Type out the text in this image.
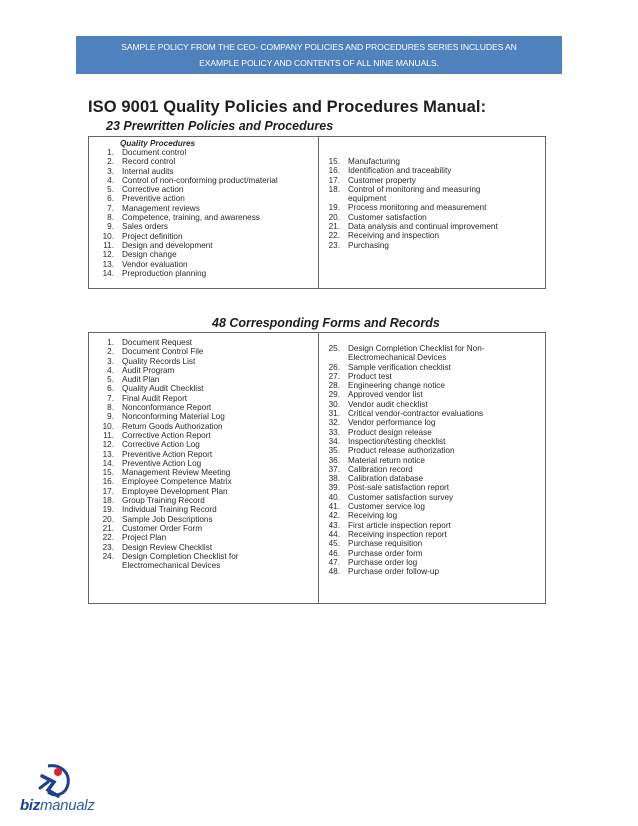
SAMPLE POLICY FROM THE CEO- COMPANY POLICIES AND PROCEDURES SERIES INCLUDES AN
EXAMPLE POLICY AND CONTENTS OF ALL NINE MANUALS.
ISO 9001 Quality Policies and Procedures Manual:
23 Prewritten Policies and Procedures
Quality Procedures
1. Document control
2. Record control
3. Internal audits
4. Control of non-conforming product/material
5. Corrective action
6. Preventive action
7. Management reviews
8. Competence, training, and awareness
9. Sales orders
10. Project definition
11. Design and development
12. Design change
13. Vendor evaluation
14. Preproduction planning
15. Manufacturing
16. Identification and traceability
17. Customer property
18. Control of monitoring and measuring
equipment
19. Process monitoring and measurement
20. Customer satisfaction
21. Data analysis and continual improvement
22. Receiving and inspection
23. Purchasing
48 Corresponding Forms and Records
1. Document Request
2. Document Control File
3. Quality Records List
4. Audit Program
5. Audit Plan
6. Quality Audit Checklist
7. Final Audit Report
8. Nonconformance Report
9. Nonconforming Material Log
10. Return Goods Authorization
11. Corrective Action Report
12. Corrective Action Log
13. Preventive Action Report
14. Preventive Action Log
15. Management Review Meeting
16. Employee Competence Matrix
17. Employee Development Plan
18. Group Training Record
19. Individual Training Record
20. Sample Job Descriptions
21. Customer Order Form
22. Project Plan
23. Design Review Checklist
24. Design Completion Checklist for
Electromechanical Devices
25. Design Completion Checklist for Non-
Electromechanical Devices
26. Sample verification checklist
27. Product test
28. Engineering change notice
29. Approved vendor list
30. Vendor audit checklist
31. Critical vendor-contractor evaluations
32. Vendor performance log
33. Product design release
34. Inspection/testing checklist
35. Product release authorization
36. Material return notice
37. Calibration record
38. Calibration database
39. Post-sale satisfaction report
40. Customer satisfaction survey
41. Customer service log
42. Receiving log
43. First article inspection report
44. Receiving inspection report
45. Purchase requisition
46. Purchase order form
47. Purchase order log
48. Purchase order follow-up
bizmanualz
